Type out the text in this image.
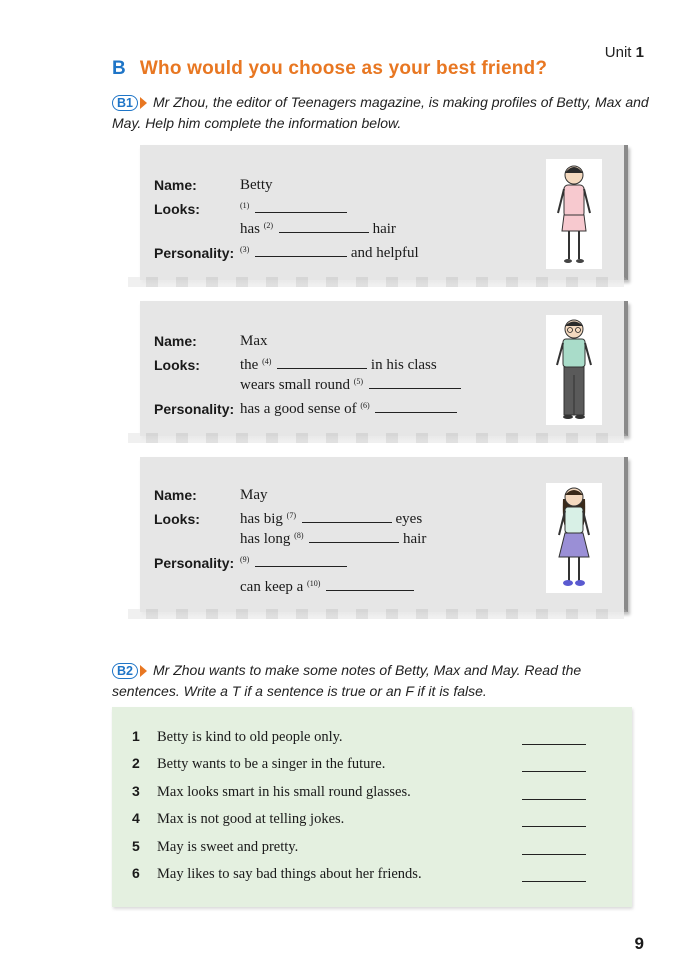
Unit 1
B Who would you choose as your best friend?
B1 Mr Zhou, the editor of Teenagers magazine, is making profiles of Betty, Max and May. Help him complete the information below.
Name:	Betty
Looks:	$^{(1)}$
has $^{(2)}$	hair
Personality: $^{(3)}$	and helpful
Name:	Max
Looks:	the $^{(4)}$	in his class
wears small round $^{(5)}$
Personality: has a good sense of $^{(6)}$
Name:	May
Looks:	has big $^{(7)}$	eyes
has long $^{(8)}$	hair
Personality: $^{(9)}$
can keep a $^{(10)}$
B2 Mr Zhou wants to make some notes of Betty, Max and May. Read the sentences. Write a T if a sentence is true or an F if it is false.
1 Betty is kind to old people only.
2 Betty wants to be a singer in the future.
3 Max looks smart in his small round glasses.
4 Max is not good at telling jokes.
5 May is sweet and pretty.
6 May likes to say bad things about her friends.
9
